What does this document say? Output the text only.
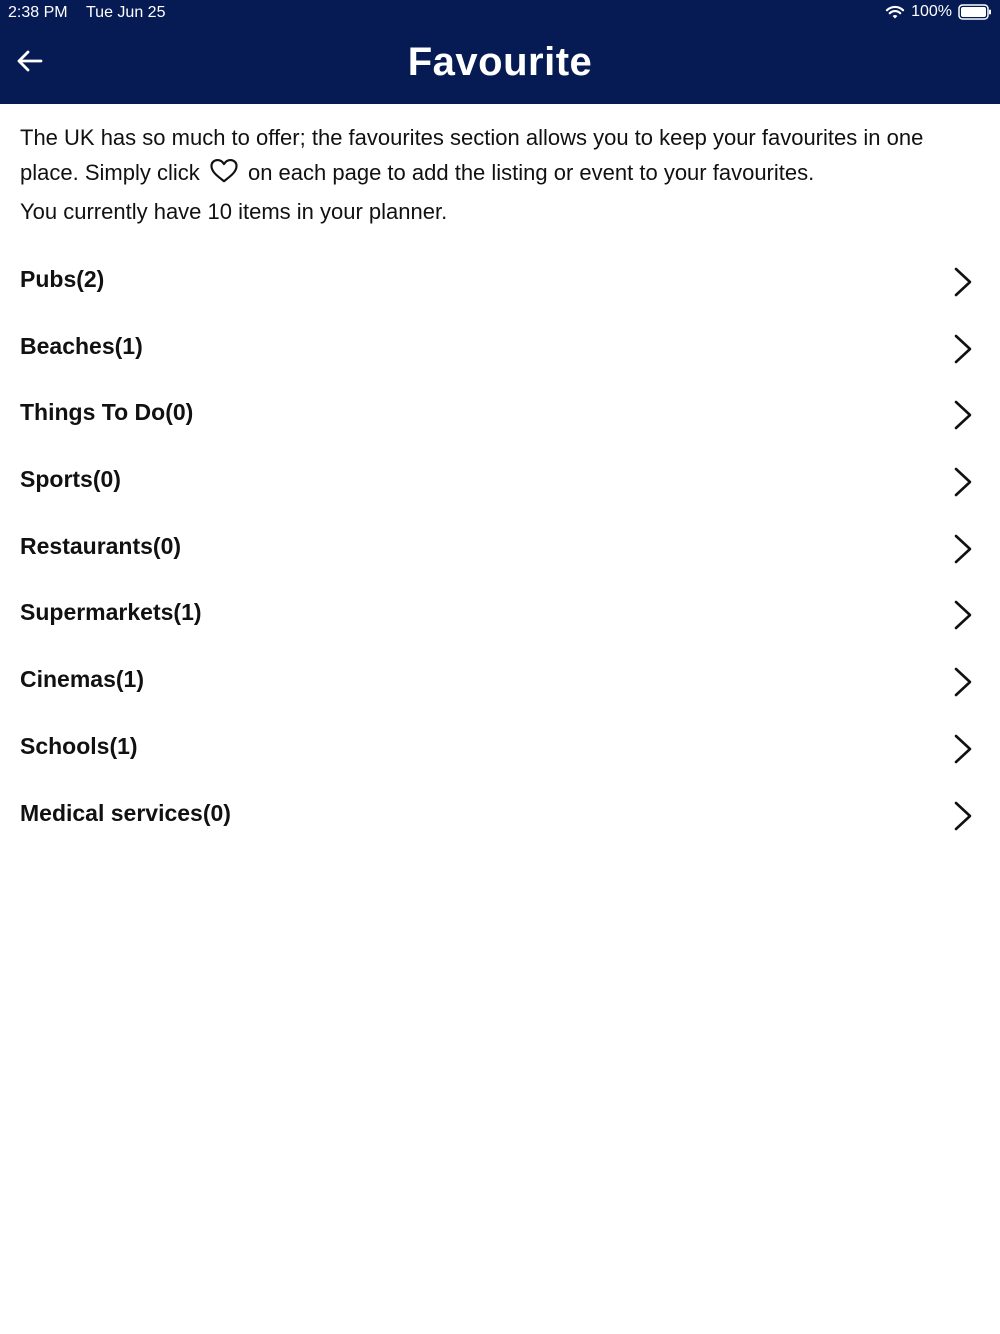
2:38 PM Tue Jun 25	100%
Favourite
The UK has so much to offer; the favourites section allows you to keep your favourites in one place. Simply click on each page to add the listing or event to your favourites.
You currently have 10 items in your planner.
Pubs(2)
Beaches(1)
Things To Do(0)
Sports(0)
Restaurants(0)
Supermarkets(1)
Cinemas(1)
Schools(1)
Medical services(0)
